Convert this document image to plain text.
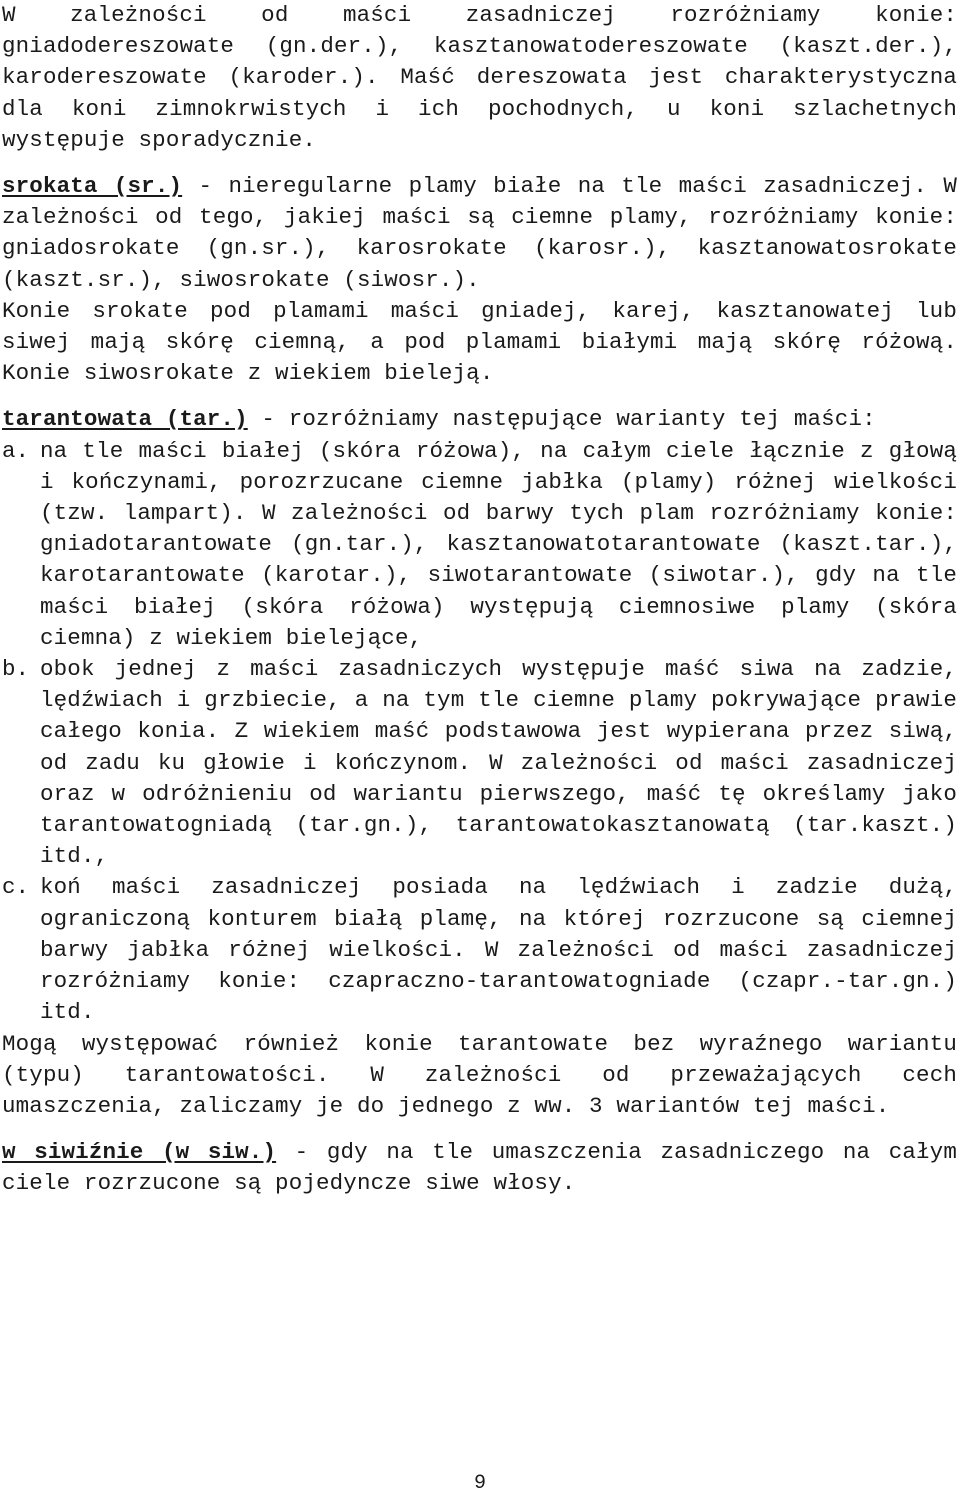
W zależności od maści zasadniczej rozróżniamy konie: gniadodereszowate (gn.der.), kasztanowatodereszowate (kaszt.der.), karodereszowate (karoder.). Maść dereszowata jest charakterystyczna dla koni zimnokrwistych i ich pochodnych, u koni szlachetnych występuje sporadycznie.

srokata (sr.) - nieregularne plamy białe na tle maści zasadniczej. W zależności od tego, jakiej maści są ciemne plamy, rozróżniamy konie: gniadosrokate (gn.sr.), karosrokate (karosr.), kasztanowatosrokate (kaszt.sr.), siwosrokate (siwosr.).

Konie srokate pod plamami maści gniadej, karej, kasztanowatej lub siwej mają skórę ciemną, a pod plamami białymi mają skórę różową. Konie siwosrokate z wiekiem bieleją.

tarantowata (tar.) - rozróżniamy następujące warianty tej maści:

a. na tle maści białej (skóra różowa), na całym ciele łącznie z głową i kończynami, porozrzucane ciemne jabłka (plamy) różnej wielkości (tzw. lampart). W zależności od barwy tych plam rozróżniamy konie: gniadotarantowate (gn.tar.), kasztanowatotarantowate (kaszt.tar.), karotarantowate (karotar.), siwotarantowate (siwotar.), gdy na tle maści białej (skóra różowa) występują ciemnosiwe plamy (skóra ciemna) z wiekiem bielejące,

b. obok jednej z maści zasadniczych występuje maść siwa na zadzie, lędźwiach i grzbiecie, a na tym tle ciemne plamy pokrywające prawie całego konia. Z wiekiem maść podstawowa jest wypierana przez siwą, od zadu ku głowie i kończynom. W zależności od maści zasadniczej oraz w odróżnieniu od wariantu pierwszego, maść tę określamy jako tarantowatogniadą (tar.gn.), tarantowatokasztanowatą (tar.kaszt.) itd.,

c. koń maści zasadniczej posiada na lędźwiach i zadzie dużą, ograniczoną konturem białą plamę, na której rozrzucone są ciemnej barwy jabłka różnej wielkości. W zależności od maści zasadniczej rozróżniamy konie: czapraczno-tarantowatogniade (czapr.-tar.gn.) itd.

Mogą występować również konie tarantowate bez wyraźnego wariantu (typu) tarantowatości. W zależności od przeważających cech umaszczenia, zaliczamy je do jednego z ww. 3 wariantów tej maści.

w siwiźnie (w siw.) - gdy na tle umaszczenia zasadniczego na całym ciele rozrzucone są pojedyncze siwe włosy.

9
